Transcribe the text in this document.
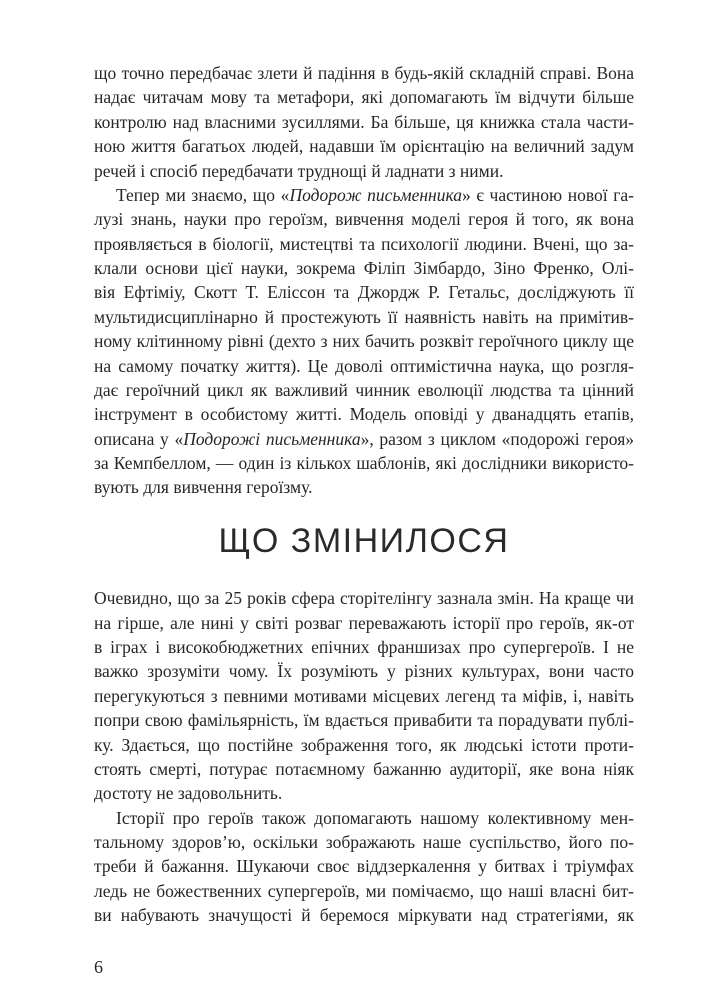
що точно передбачає злети й падіння в будь-якій складній справі. Вона

надає читачам мову та метафори, які допомагають їм відчути більше

контролю над власними зусиллями. Ба більше, ця книжка стала части-

ною життя багатьох людей, надавши їм орієнтацію на величний задум

речей і спосіб передбачати труднощі й ладнати з ними.

Тепер ми знаємо, що «Подорож письменника» є частиною нової га-

лузі знань, науки про героїзм, вивчення моделі героя й того, як вона

проявляється в біології, мистецтві та психології людини. Вчені, що за-

клали основи цієї науки, зокрема Філіп Зімбардо, Зіно Френко, Олі-

вія Ефтіміу, Скотт Т. Еліссон та Джордж Р. Гетальс, досліджують її

мультидисциплінарно й простежують її наявність навіть на примітив-

ному клітинному рівні (дехто з них бачить розквіт героїчного циклу ще

на самому початку життя). Це доволі оптимістична наука, що розгля-

дає героїчний цикл як важливий чинник еволюції людства та цінний

інструмент в особистому житті. Модель оповіді у дванадцять етапів,

описана у «Подорожі письменника», разом з циклом «подорожі героя»

за Кемпбеллом, — один із кількох шаблонів, які дослідники використо-

вують для вивчення героїзму.

ЩО ЗМІНИЛОСЯ

Очевидно, що за 25 років сфера сторітелінгу зазнала змін. На краще чи

на гірше, але нині у світі розваг переважають історії про героїв, як-от

в іграх і високобюджетних епічних франшизах про супергероїв. І не

важко зрозуміти чому. Їх розуміють у різних культурах, вони часто

перегукуються з певними мотивами місцевих легенд та міфів, і, навіть

попри свою фамільярність, їм вдається привабити та порадувати публі-

ку. Здається, що постійне зображення того, як людські істоти проти-

стоять смерті, потурає потаємному бажанню аудиторії, яке вона ніяк

достоту не задовольнить.

Історії про героїв також допомагають нашому колективному мен-

тальному здоров’ю, оскільки зображають наше суспільство, його по-

треби й бажання. Шукаючи своє віддзеркалення у битвах і тріумфах

ледь не божественних супергероїв, ми помічаємо, що наші власні бит-

ви набувають значущості й беремося міркувати над стратегіями, як

6
